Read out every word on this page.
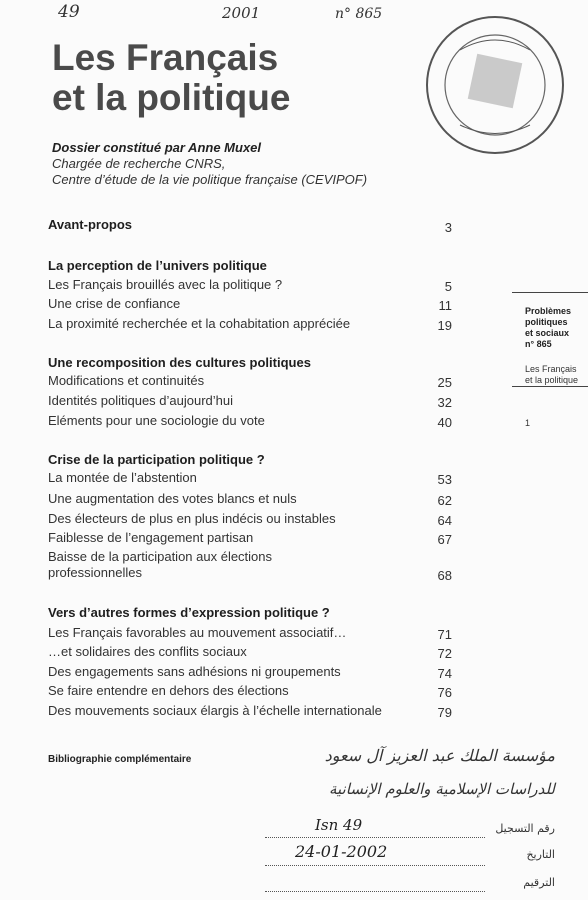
49	2001	n° 865
Les Français
et la politique
Dossier constitué par Anne Muxel
Chargée de recherche CNRS,
Centre d’étude de la vie politique française (CEVIPOF)
Avant-propos	3
La perception de l’univers politique
Les Français brouillés avec la politique ?	5
Une crise de confiance	11
La proximité recherchée et la cohabitation appréciée	19
Une recomposition des cultures politiques
Modifications et continuités	25
Identités politiques d’aujourd’hui	32
Eléments pour une sociologie du vote	40
Crise de la participation politique ?
La montée de l’abstention	53
Une augmentation des votes blancs et nuls	62
Des électeurs de plus en plus indécis ou instables	64
Faiblesse de l’engagement partisan	67
Baisse de la participation aux élections
professionnelles	68
Vers d’autres formes d’expression politique ?
Les Français favorables au mouvement associatif…	71
…et solidaires des conflits sociaux	72
Des engagements sans adhésions ni groupements	74
Se faire entendre en dehors des élections	76
Des mouvements sociaux élargis à l’échelle internationale	79
Bibliographie complémentaire
Problèmes
politiques
et sociaux
n° 865
Les Français
et la politique
1
مؤسسة الملك عبد العزيز آل سعود
للدراسات الإسلامية والعلوم الإنسانية
رقم التسجيل
Isn 49
التاريخ
24-01-2002
الترقيم
